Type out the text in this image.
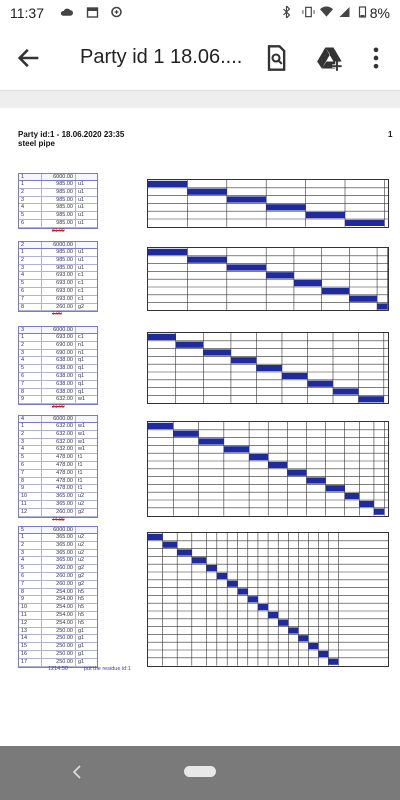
11:37	8%
Party id 1 18.06....
Party id:1 - 18.06.2020 23:35
steel pipe
1
1	6000.00
1	985.00 u1
2	985.00 u1
3	985.00 u1
4	985.00 u1
5	985.00 u1
6	985.00 u1
81.00
2	6000.00
1	985.00 u1
2	985.00 u1
3	985.00 u1
4	693.00 c1
5	693.00 c1
6	693.00 c1
7	693.00 c1
8	260.00 g2
1.00
3	6000.00
1	693.00 c1
2	690.00 n1
3	690.00 n1
4	638.00 q1
5	638.00 q1
6	638.00 q1
7	638.00 q1
8	638.00 q1
9	632.00 w1
31.00
4	6000.00
1	632.00 w1
2	632.00 w1
3	632.00 w1
4	632.00 w1
5	478.00 t1
6	478.00 t1
7	478.00 t1
8	478.00 t1
9	478.00 t1
10	365.00 u2
11	365.00 u2
12	260.00 g2
74.00
5	6000.00
1	365.00 u2
2	365.00 u2
3	365.00 u2
4	365.00 u2
5	260.00 g2
6	260.00 g2
7	260.00 g2
8	254.00 h5
9	254.00 h5
10	254.00 h5
11	254.00 h5
12	254.00 h5
13	250.00 g1
14	250.00 g1
15	250.00 g1
16	250.00 g1
17	250.00 g1
1214.50	put the residue id:1
